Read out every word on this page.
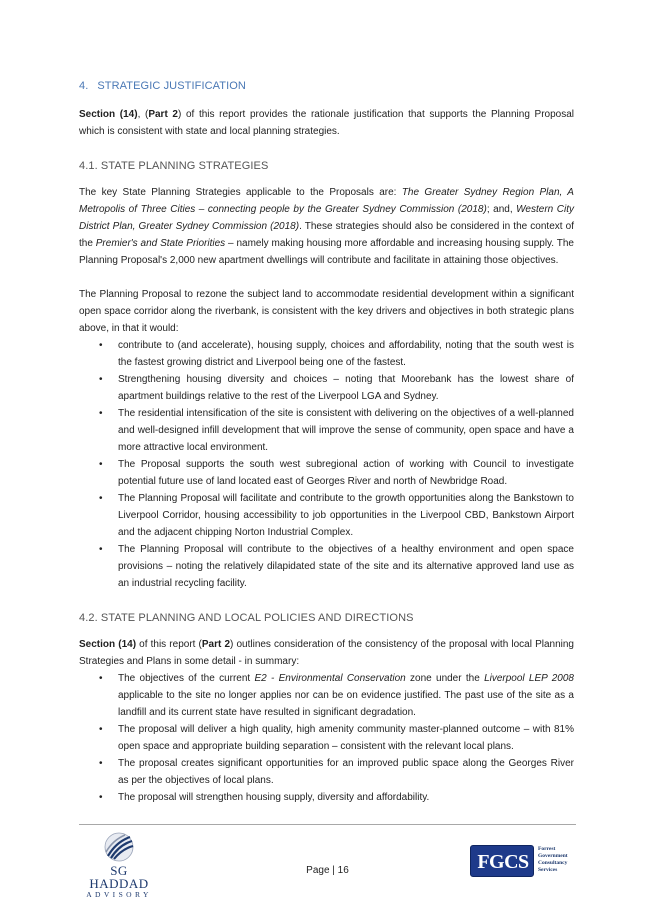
4. STRATEGIC JUSTIFICATION

Section (14), (Part 2) of this report provides the rationale justification that supports the Planning Proposal which is consistent with state and local planning strategies.

4.1. STATE PLANNING STRATEGIES

The key State Planning Strategies applicable to the Proposals are: The Greater Sydney Region Plan, A Metropolis of Three Cities – connecting people by the Greater Sydney Commission (2018); and, Western City District Plan, Greater Sydney Commission (2018). These strategies should also be considered in the context of the Premier's and State Priorities – namely making housing more affordable and increasing housing supply. The Planning Proposal's 2,000 new apartment dwellings will contribute and facilitate in attaining those objectives.

The Planning Proposal to rezone the subject land to accommodate residential development within a significant open space corridor along the riverbank, is consistent with the key drivers and objectives in both strategic plans above, in that it would:

• contribute to (and accelerate), housing supply, choices and affordability, noting that the south west is the fastest growing district and Liverpool being one of the fastest.
• Strengthening housing diversity and choices – noting that Moorebank has the lowest share of apartment buildings relative to the rest of the Liverpool LGA and Sydney.
• The residential intensification of the site is consistent with delivering on the objectives of a well-planned and well-designed infill development that will improve the sense of community, open space and have a more attractive local environment.
• The Proposal supports the south west subregional action of working with Council to investigate potential future use of land located east of Georges River and north of Newbridge Road.
• The Planning Proposal will facilitate and contribute to the growth opportunities along the Bankstown to Liverpool Corridor, housing accessibility to job opportunities in the Liverpool CBD, Bankstown Airport and the adjacent chipping Norton Industrial Complex.
• The Planning Proposal will contribute to the objectives of a healthy environment and open space provisions – noting the relatively dilapidated state of the site and its alternative approved land use as an industrial recycling facility.
4.2. STATE PLANNING AND LOCAL POLICIES AND DIRECTIONS

Section (14) of this report (Part 2) outlines consideration of the consistency of the proposal with local Planning Strategies and Plans in some detail - in summary:

• The objectives of the current E2 - Environmental Conservation zone under the Liverpool LEP 2008 applicable to the site no longer applies nor can be on evidence justified. The past use of the site as a landfill and its current state have resulted in significant degradation.
• The proposal will deliver a high quality, high amenity community master-planned outcome – with 81% open space and appropriate building separation – consistent with the relevant local plans.
• The proposal creates significant opportunities for an improved public space along the Georges River as per the objectives of local plans.
• The proposal will strengthen housing supply, diversity and affordability.
SG HADDAD
ADVISORY
Page | 16	FGCS
Forrest
Government
Consultancy
Services
